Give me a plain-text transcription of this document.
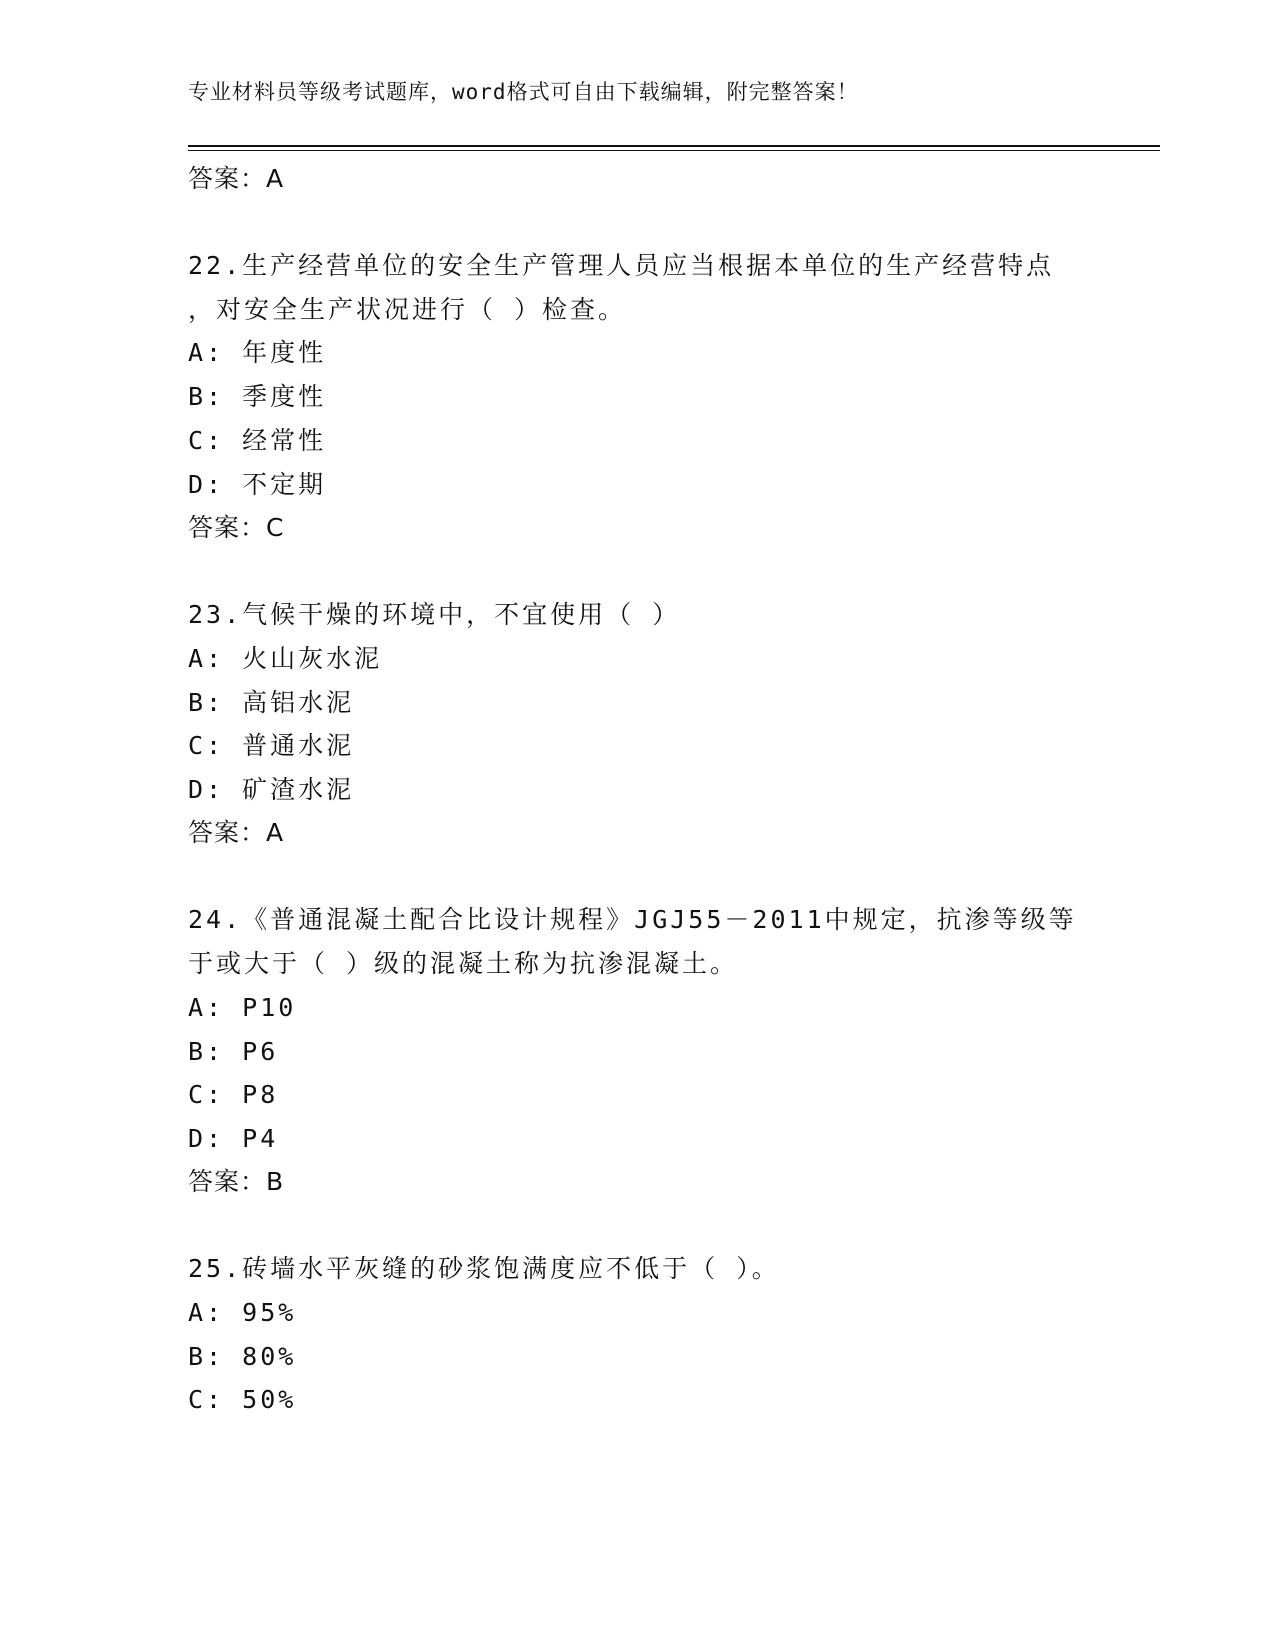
专业材料员等级考试题库，word格式可自由下载编辑，附完整答案！
答案：A
22.生产经营单位的安全生产管理人员应当根据本单位的生产经营特点
，对安全生产状况进行（ ）检查。
A: 年度性
B: 季度性
C: 经常性
D: 不定期
答案：C
23.气候干燥的环境中，不宜使用（ ）
A: 火山灰水泥
B: 高铝水泥
C: 普通水泥
D: 矿渣水泥
答案：A
24.《普通混凝土配合比设计规程》JGJ55－2011中规定，抗渗等级等
于或大于（ ）级的混凝土称为抗渗混凝土。
A: P10
B: P6
C: P8
D: P4
答案：B
25.砖墙水平灰缝的砂浆饱满度应不低于（ ）。
A: 95%
B: 80%
C: 50%
